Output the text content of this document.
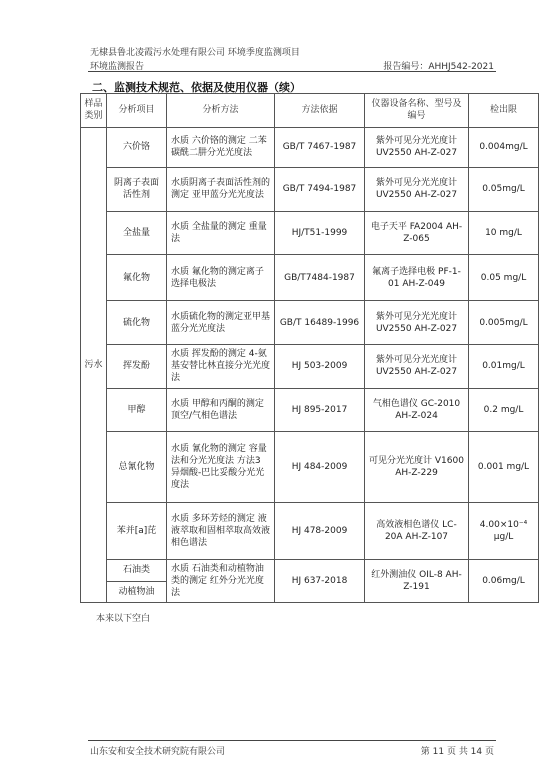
无棣县鲁北凌霞污水处理有限公司 环境季度监测项目
环境监测报告	报告编号：AHHJ542-2021
二、监测技术规范、依据及使用仪器（续）
样品类别	分析项目	分析方法	方法依据	仪器设备名称、型号及编号	检出限
污水	六价铬	水质 六价铬的测定 二苯碳酰二肼分光光度法	GB/T 7467-1987	紫外可见分光光度计 UV2550 AH-Z-027	0.004mg/L
	阴离子表面活性剂	水质阴离子表面活性剂的测定 亚甲蓝分光光度法	GB/T 7494-1987	紫外可见分光光度计 UV2550 AH-Z-027	0.05mg/L
	全盐量	水质 全盐量的测定 重量法	HJ/T51-1999	电子天平 FA2004 AH-Z-065	10 mg/L
	氟化物	水质 氟化物的测定离子选择电极法	GB/T7484-1987	氟离子选择电极 PF-1-01 AH-Z-049	0.05 mg/L
	硫化物	水质硫化物的测定亚甲基蓝分光光度法	GB/T 16489-1996	紫外可见分光光度计 UV2550 AH-Z-027	0.005mg/L
	挥发酚	水质 挥发酚的测定 4-氨基安替比林直接分光光度法	HJ 503-2009	紫外可见分光光度计 UV2550 AH-Z-027	0.01mg/L
	甲醇	水质 甲醇和丙酮的测定 顶空/气相色谱法	HJ 895-2017	气相色谱仪 GC-2010 AH-Z-024	0.2 mg/L
	总氰化物	水质 氰化物的测定 容量法和分光光度法 方法3 异烟酸-巴比妥酸分光光度法	HJ 484-2009	可见分光光度计 V1600 AH-Z-229	0.001 mg/L
	苯并[a]芘	水质 多环芳烃的测定 液液萃取和固相萃取高效液相色谱法	HJ 478-2009	高效液相色谱仪 LC-20A AH-Z-107	4.00×10⁻⁴ μg/L
	石油类	水质 石油类和动植物油类的测定 红外分光光度法	HJ 637-2018	红外测油仪 OIL-8 AH-Z-191	0.06mg/L
	动植物油				
本来以下空白
山东安和安全技术研究院有限公司	第 11 页 共 14 页
